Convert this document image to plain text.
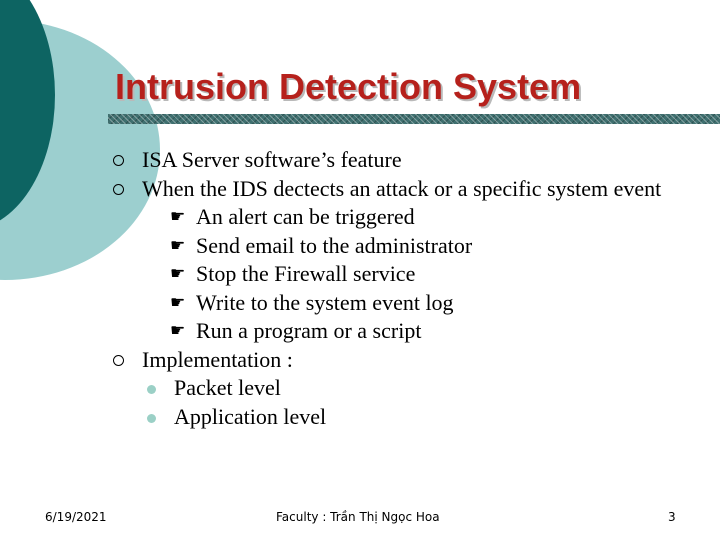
Intrusion Detection System
ISA Server software’s feature
When the IDS dectects an attack or a specific system event
☛ An alert can be triggered
☛ Send email to the administrator
☛ Stop the Firewall service
☛ Write to the system event log
☛ Run a program or a script
Implementation :
Packet level
Application level
6/19/2021	Faculty : Trần Thị Ngọc Hoa	3
